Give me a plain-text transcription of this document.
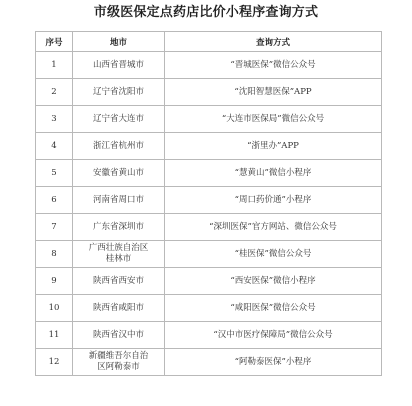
市级医保定点药店比价小程序查询方式
序号	地市	查询方式
1	山西省晋城市	“晋城医保”微信公众号
2	辽宁省沈阳市	“沈阳智慧医保”APP
3	辽宁省大连市	“大连市医保局”微信公众号
4	浙江省杭州市	“浙里办”APP
5	安徽省黄山市	“慧黄山”微信小程序
6	河南省周口市	“周口药价通”小程序
7	广东省深圳市	“深圳医保”官方网站、微信公众号
8	广西壮族自治区
桂林市	“桂医保”微信公众号
9	陕西省西安市	“西安医保”微信小程序
10	陕西省咸阳市	“咸阳医保”微信公众号
11	陕西省汉中市	“汉中市医疗保障局”微信公众号
12	新疆维吾尔自治
区阿勒泰市	“阿勒泰医保”小程序
